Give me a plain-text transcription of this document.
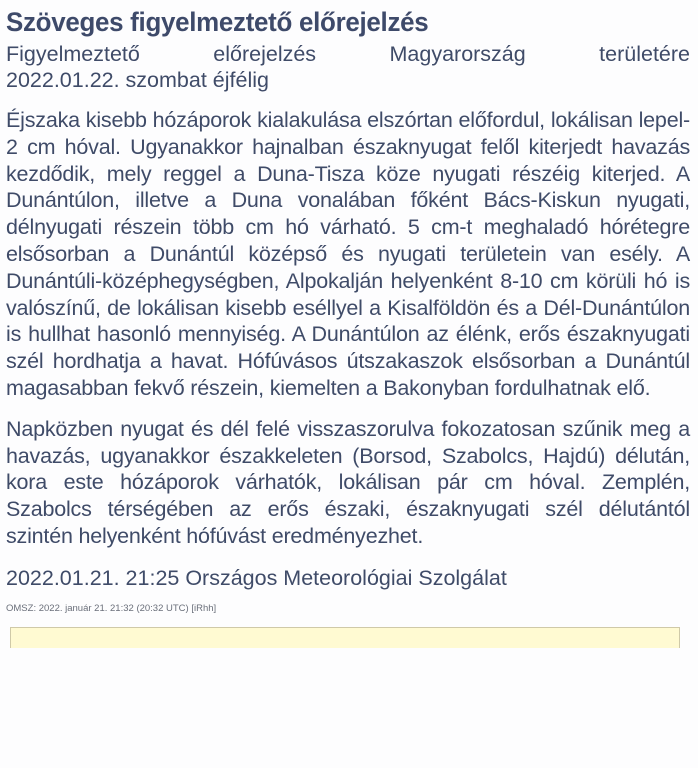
Szöveges figyelmeztető előrejelzés
Figyelmeztető előrejelzés Magyarország területére
2022.01.22. szombat éjfélig

Éjszaka kisebb hózáporok kialakulása elszórtan előfordul, lokálisan lepel-2 cm hóval. Ugyanakkor hajnalban északnyugat felől kiterjedt havazás kezdődik, mely reggel a Duna-Tisza köze nyugati részéig kiterjed. A Dunántúlon, illetve a Duna vonalában főként Bács-Kiskun nyugati, délnyugati részein több cm hó várható. 5 cm-t meghaladó hórétegre elsősorban a Dunántúl középső és nyugati területein van esély. A Dunántúli-középhegységben, Alpokalján helyenként 8-10 cm körüli hó is valószínű, de lokálisan kisebb eséllyel a Kisalföldön és a Dél-Dunántúlon is hullhat hasonló mennyiség. A Dunántúlon az élénk, erős északnyugati szél hordhatja a havat. Hófúvásos útszakaszok elsősorban a Dunántúl magasabban fekvő részein, kiemelten a Bakonyban fordulhatnak elő.

Napközben nyugat és dél felé visszaszorulva fokozatosan szűnik meg a havazás, ugyanakkor északkeleten (Borsod, Szabolcs, Hajdú) délután, kora este hózáporok várhatók, lokálisan pár cm hóval. Zemplén, Szabolcs térségében az erős északi, északnyugati szél délutántól szintén helyenként hófúvást eredményezhet.

2022.01.21. 21:25 Országos Meteorológiai Szolgálat
OMSZ: 2022. január 21. 21:32 (20:32 UTC) [iRhh]
